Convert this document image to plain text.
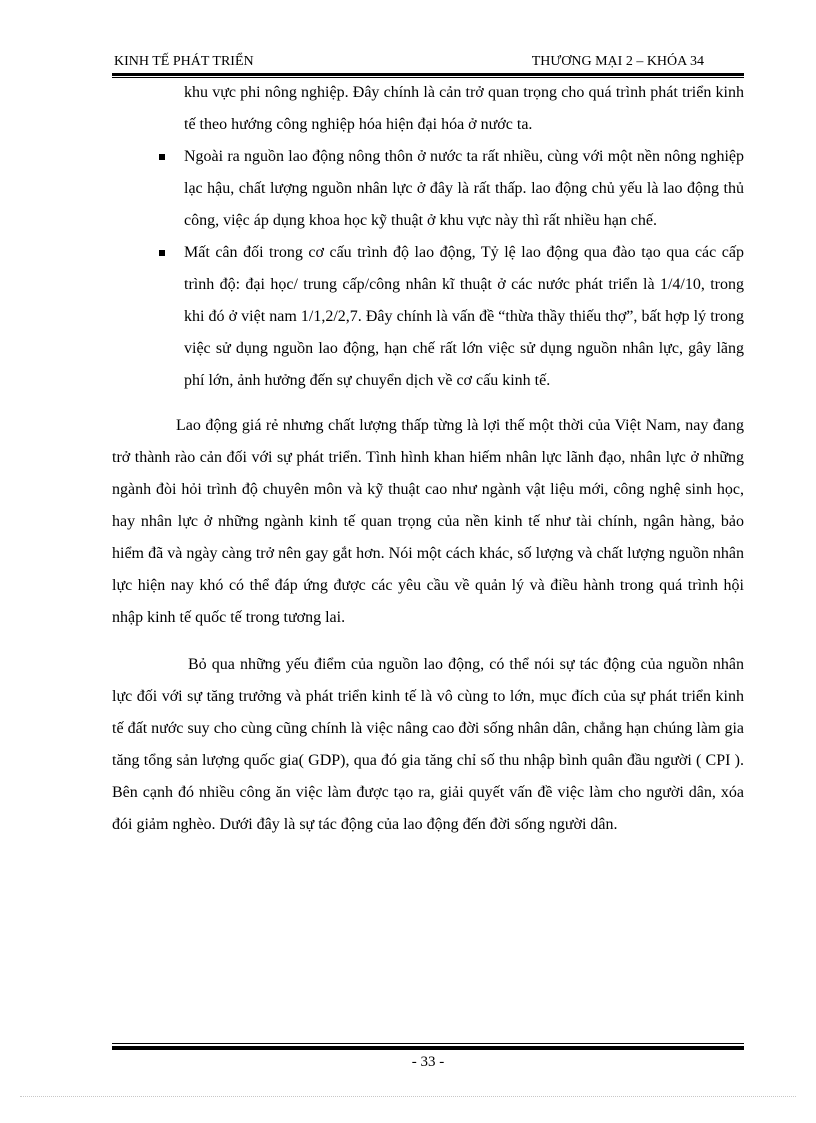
KINH TẾ PHÁT TRIỂN	THƯƠNG MẠI 2 – KHÓA 34
khu vực phi nông nghiệp. Đây chính là cản trở quan trọng cho quá trình phát triển kinh tế theo hướng công nghiệp hóa hiện đại hóa ở nước ta.
Ngoài ra nguồn lao động nông thôn ở nước ta rất nhiều, cùng với một nền nông nghiệp lạc hậu, chất lượng nguồn nhân lực ở đây là rất thấp. lao động chủ yếu là lao động thủ công, việc áp dụng khoa học kỹ thuật ở khu vực này thì rất nhiều hạn chế.
Mất cân đối trong cơ cấu trình độ lao động, Tỷ lệ lao động qua đào tạo qua các cấp trình độ: đại học/ trung cấp/công nhân kĩ thuật ở các nước phát triển là 1/4/10, trong khi đó ở việt nam 1/1,2/2,7. Đây chính là vấn đề “thừa thầy thiếu thợ”, bất hợp lý trong việc sử dụng nguồn lao động, hạn chế rất lớn việc sử dụng nguồn nhân lực, gây lãng phí lớn, ảnh hưởng đến sự chuyển dịch về cơ cấu kinh tế.

Lao động giá rẻ nhưng chất lượng thấp từng là lợi thế một thời của Việt Nam, nay đang trở thành rào cản đối với sự phát triển. Tình hình khan hiếm nhân lực lãnh đạo, nhân lực ở những ngành đòi hỏi trình độ chuyên môn và kỹ thuật cao như ngành vật liệu mới, công nghệ sinh học, hay nhân lực ở những ngành kinh tế quan trọng của nền kinh tế như tài chính, ngân hàng, bảo hiểm đã và ngày càng trở nên gay gắt hơn. Nói một cách khác, số lượng và chất lượng nguồn nhân lực hiện nay khó có thể đáp ứng được các yêu cầu về quản lý và điều hành trong quá trình hội nhập kinh tế quốc tế trong tương lai.

Bỏ qua những yếu điểm của nguồn lao động, có thể nói sự tác động của nguồn nhân lực đối với sự tăng trưởng và phát triển kinh tế là vô cùng to lớn, mục đích của sự phát triển kinh tế đất nước suy cho cùng cũng chính là việc nâng cao đời sống nhân dân, chẳng hạn chúng làm gia tăng tổng sản lượng quốc gia( GDP), qua đó gia tăng chỉ số thu nhập bình quân đầu người ( CPI ). Bên cạnh đó nhiều công ăn việc làm được tạo ra, giải quyết vấn đề việc làm cho người dân, xóa đói giảm nghèo. Dưới đây là sự tác động của lao động đến đời sống người dân.

- 33 -
